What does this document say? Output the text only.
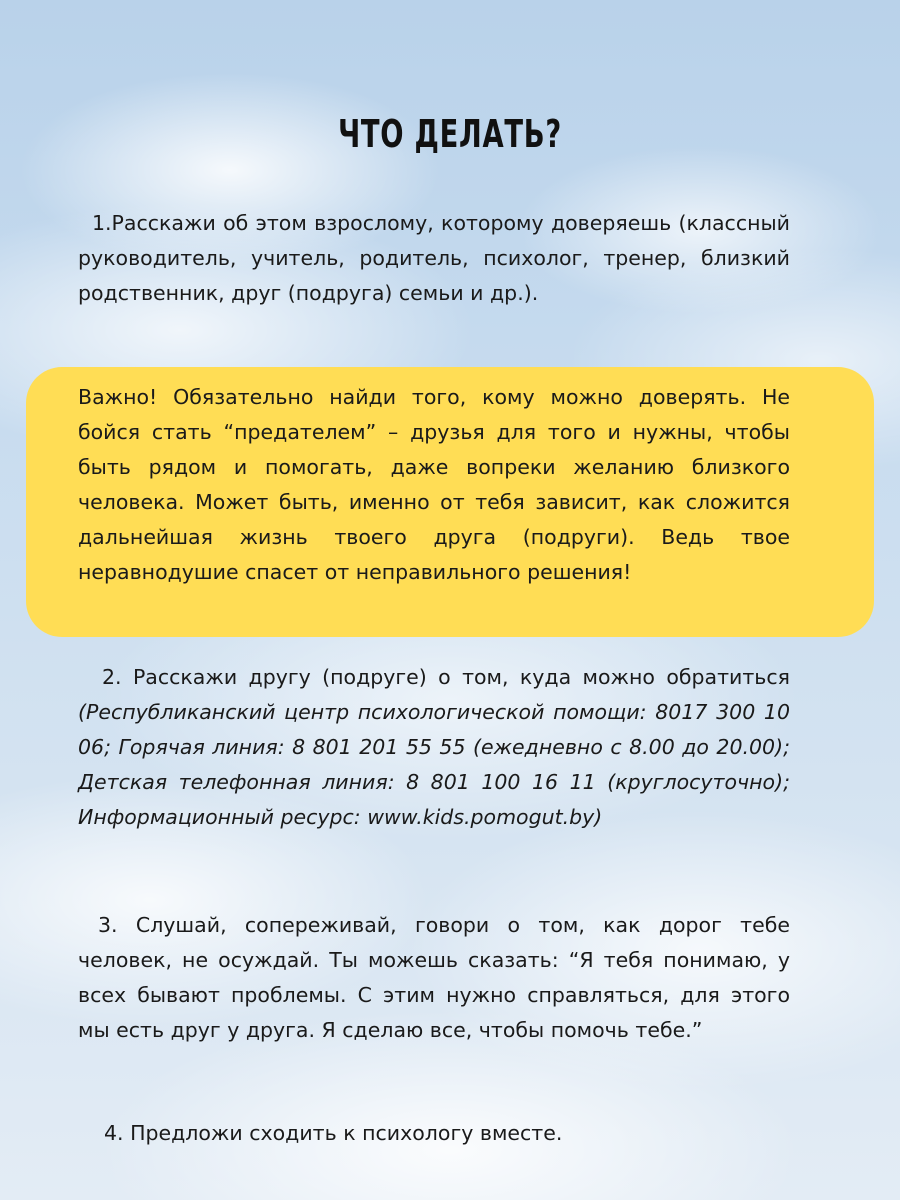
ЧТО ДЕЛАТЬ?

1.Расскажи об этом взрослому, которому доверяешь (классный руководитель, учитель, родитель, психолог, тренер, близкий родственник, друг (подруга) семьи и др.).

Важно! Обязательно найди того, кому можно доверять. Не бойся стать “предателем” – друзья для того и нужны, чтобы быть рядом и помогать, даже вопреки желанию близкого человека. Может быть, именно от тебя зависит, как сложится дальнейшая жизнь твоего друга (подруги). Ведь твое неравнодушие спасет от неправильного решения!

2. Расскажи другу (подруге) о том, куда можно обратиться (Республиканский центр психологической помощи: 8017 300 10 06; Горячая линия: 8 801 201 55 55 (ежедневно с 8.00 до 20.00); Детская телефонная линия: 8 801 100 16 11 (круглосуточно); Информационный ресурс: www.kids.pomogut.by)

3. Слушай, сопереживай, говори о том, как дорог тебе человек, не осуждай. Ты можешь сказать: “Я тебя понимаю, у всех бывают проблемы. С этим нужно справляться, для этого мы есть друг у друга. Я сделаю все, чтобы помочь тебе.”

4. Предложи сходить к психологу вместе.
